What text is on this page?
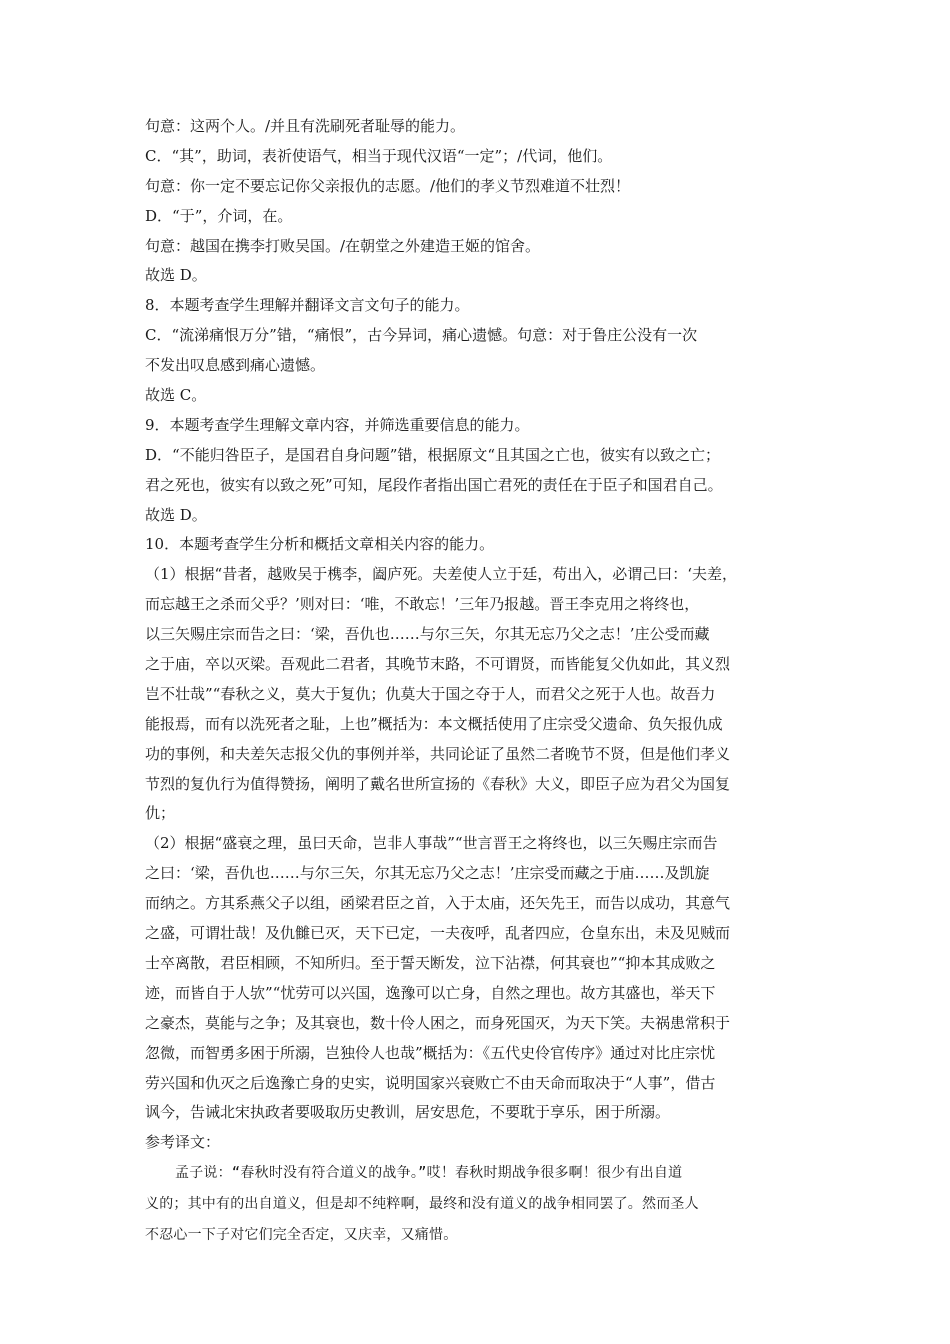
句意：这两个人。/并且有洗刷死者耻辱的能力。
C．“其”，助词，表祈使语气，相当于现代汉语“一定”；/代词，他们。
句意：你一定不要忘记你父亲报仇的志愿。/他们的孝义节烈难道不壮烈！
D．“于”，介词，在。
句意：越国在携李打败吴国。/在朝堂之外建造王姬的馆舍。
故选 D。
8．本题考查学生理解并翻译文言文句子的能力。
C．“流涕痛恨万分”错，“痛恨”，古今异词，痛心遗憾。句意：对于鲁庄公没有一次
不发出叹息感到痛心遗憾。
故选 C。
9．本题考查学生理解文章内容，并筛选重要信息的能力。
D．“不能归咎臣子，是国君自身问题”错，根据原文“且其国之亡也，彼实有以致之亡；
君之死也，彼实有以致之死”可知，尾段作者指出国亡君死的责任在于臣子和国君自己。
故选 D。
10．本题考查学生分析和概括文章相关内容的能力。
（1）根据“昔者，越败吴于槜李，阖庐死。夫差使人立于廷，苟出入，必谓己曰：‘夫差，
而忘越王之杀而父乎？’则对曰：‘唯，不敢忘！’三年乃报越。晋王李克用之将终也，
以三矢赐庄宗而告之曰：‘梁，吾仇也……与尔三矢，尔其无忘乃父之志！’庄公受而藏
之于庙，卒以灭梁。吾观此二君者，其晚节末路，不可谓贤，而皆能复父仇如此，其义烈
岂不壮哉”“春秋之义，莫大于复仇；仇莫大于国之夺于人，而君父之死于人也。故吾力
能报焉，而有以洗死者之耻，上也”概括为：本文概括使用了庄宗受父遗命、负矢报仇成
功的事例，和夫差矢志报父仇的事例并举，共同论证了虽然二者晚节不贤，但是他们孝义
节烈的复仇行为值得赞扬，阐明了戴名世所宣扬的《春秋》大义，即臣子应为君父为国复
仇；
（2）根据“盛衰之理，虽曰天命，岂非人事哉”“世言晋王之将终也，以三矢赐庄宗而告
之曰：‘梁，吾仇也……与尔三矢，尔其无忘乃父之志！’庄宗受而藏之于庙……及凯旋
而纳之。方其系燕父子以组，函梁君臣之首，入于太庙，还矢先王，而告以成功，其意气
之盛，可谓壮哉！及仇雠已灭，天下已定，一夫夜呼，乱者四应，仓皇东出，未及见贼而
士卒离散，君臣相顾，不知所归。至于誓天断发，泣下沾襟，何其衰也”“抑本其成败之
迹，而皆自于人欤”“忧劳可以兴国，逸豫可以亡身，自然之理也。故方其盛也，举天下
之豪杰，莫能与之争；及其衰也，数十伶人困之，而身死国灭，为天下笑。夫祸患常积于
忽微，而智勇多困于所溺，岂独伶人也哉”概括为：《五代史伶官传序》通过对比庄宗忧
劳兴国和仇灭之后逸豫亡身的史实，说明国家兴衰败亡不由天命而取决于“人事”，借古
讽今，告诫北宋执政者要吸取历史教训，居安思危，不要耽于享乐，困于所溺。
参考译文：
孟子说：“春秋时没有符合道义的战争。”哎！春秋时期战争很多啊！很少有出自道
义的；其中有的出自道义，但是却不纯粹啊，最终和没有道义的战争相同罢了。然而圣人
不忍心一下子对它们完全否定，又庆幸，又痛惜。
